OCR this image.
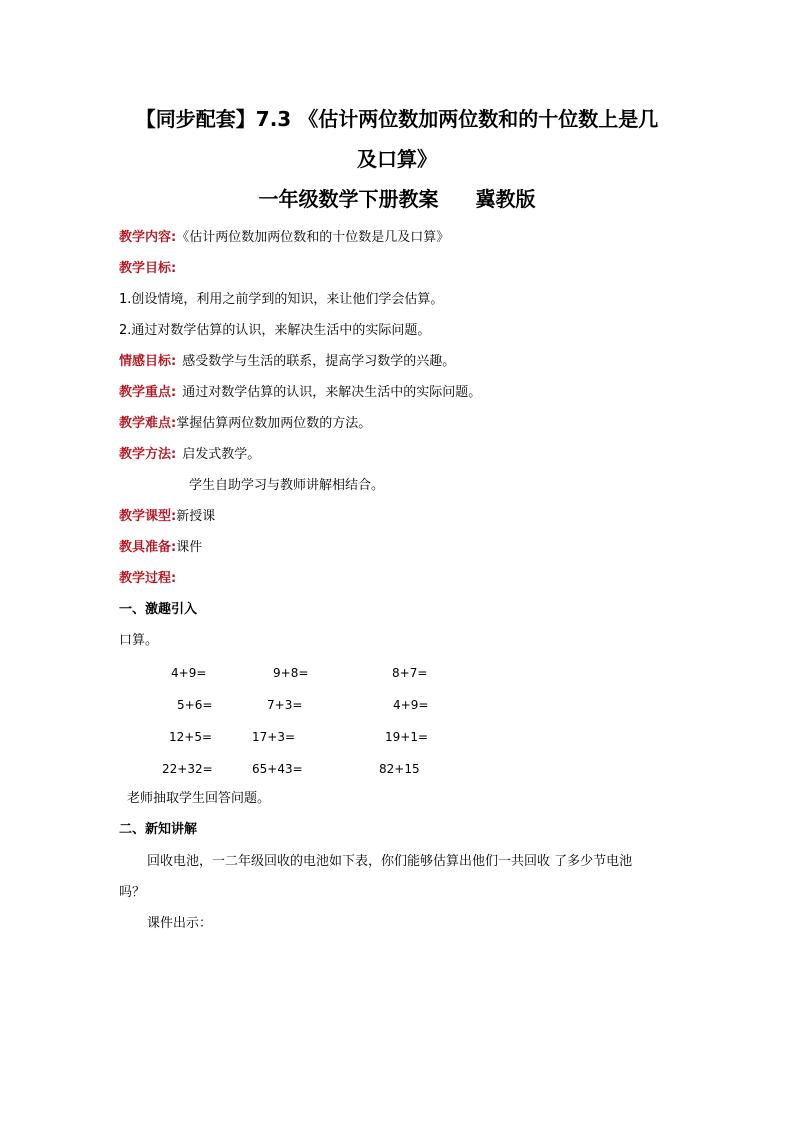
【同步配套】7.3 《估计两位数加两位数和的十位数上是几
及口算》
一年级数学下册教案 冀教版
教学内容:《估计两位数加两位数和的十位数是几及口算》
教学目标:
1.创设情境，利用之前学到的知识，来让他们学会估算。
2.通过对数学估算的认识，来解决生活中的实际问题。
情感目标: 感受数学与生活的联系，提高学习数学的兴趣。
教学重点: 通过对数学估算的认识，来解决生活中的实际问题。
教学难点:掌握估算两位数加两位数的方法。
教学方法: 启发式教学。
学生自助学习与教师讲解相结合。
教学课型:新授课
教具准备:课件
教学过程:
一、激趣引入
口算。
4+9=	9+8=	8+7=
5+6=	7+3=	4+9=
12+5=	17+3=	19+1=
22+32=	65+43=	82+15
老师抽取学生回答问题。
二、新知讲解
回收电池，一二年级回收的电池如下表，你们能够估算出他们一共回收 了多少节电池
吗？
课件出示：
